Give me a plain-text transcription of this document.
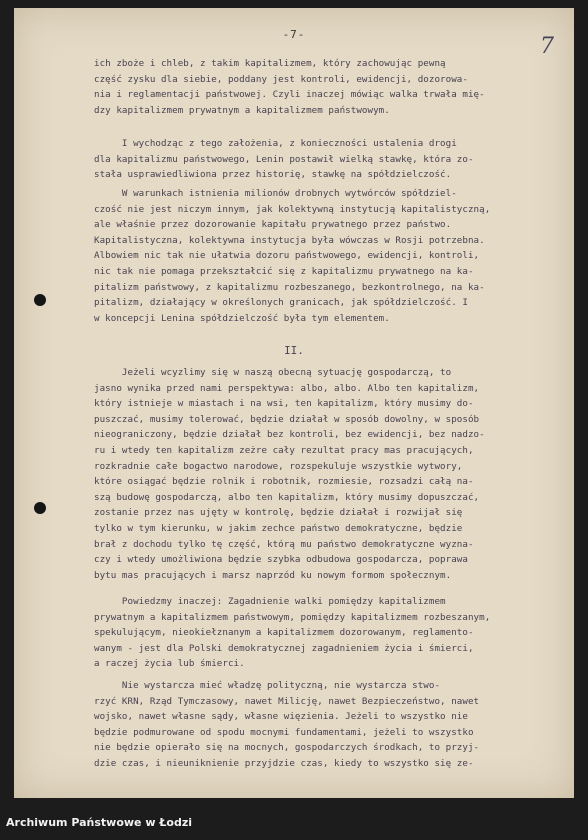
-7-	7
ich zboże i chleb, z takim kapitalizmem, który zachowując pewną
część zysku dla siebie, poddany jest kontroli, ewidencji, dozorowa-
nia i reglamentacji państwowej. Czyli inaczej mówiąc walka trwała mię-
dzy kapitalizmem prywatnym a kapitalizmem państwowym.
I wychodząc z tego założenia, z konieczności ustalenia drogi
dla kapitalizmu państwowego, Lenin postawił wielką stawkę, która zo-
stała usprawiedliwiona przez historię, stawkę na spółdzielczość.
W warunkach istnienia milionów drobnych wytwórców spółdziel-
czość nie jest niczym innym, jak kolektywną instytucją kapitalistyczną,
ale właśnie przez dozorowanie kapitału prywatnego przez państwo.
Kapitalistyczna, kolektywna instytucja była wówczas w Rosji potrzebna.
Albowiem nic tak nie ułatwia dozoru państwowego, ewidencji, kontroli,
nic tak nie pomaga przekształcić się z kapitalizmu prywatnego na ka-
pitalizm państwowy, z kapitalizmu rozbeszanego, bezkontrolnego, na ka-
pitalizm, działający w określonych granicach, jak spółdzielczość. I
w koncepcji Lenina spółdzielczość była tym elementem.
II.
Jeżeli wcyzlimy się w naszą obecną sytuację gospodarczą, to
jasno wynika przed nami perspektywa: albo, albo. Albo ten kapitalizm,
który istnieje w miastach i na wsi, ten kapitalizm, który musimy do-
puszczać, musimy tolerować, będzie działał w sposób dowolny, w sposób
nieograniczony, będzie działał bez kontroli, bez ewidencji, bez nadzo-
ru i wtedy ten kapitalizm zeżre cały rezultat pracy mas pracujących,
rozkradnie całe bogactwo narodowe, rozspekuluje wszystkie wytwory,
które osiągać będzie rolnik i robotnik, rozmiesie, rozsadzi całą na-
szą budowę gospodarczą, albo ten kapitalizm, który musimy dopuszczać,
zostanie przez nas ujęty w kontrolę, będzie działał i rozwijał się
tylko w tym kierunku, w jakim zechce państwo demokratyczne, będzie
brał z dochodu tylko tę część, którą mu państwo demokratyczne wyzna-
czy i wtedy umożliwiona będzie szybka odbudowa gospodarcza, poprawa
bytu mas pracujących i marsz naprzód ku nowym formom społecznym.
Powiedzmy inaczej: Zagadnienie walki pomiędzy kapitalizmem
prywatnym a kapitalizmem państwowym, pomiędzy kapitalizmem rozbeszanym,
spekulującym, nieokiełznanym a kapitalizmem dozorowanym, reglamento-
wanym - jest dla Polski demokratycznej zagadnieniem życia i śmierci,
a raczej życia lub śmierci.
Nie wystarcza mieć władzę polityczną, nie wystarcza stwo-
rzyć KRN, Rząd Tymczasowy, nawet Milicję, nawet Bezpieczeństwo, nawet
wojsko, nawet własne sądy, własne więzienia. Jeżeli to wszystko nie
będzie podmurowane od spodu mocnymi fundamentami, jeżeli to wszystko
nie będzie opierało się na mocnych, gospodarczych środkach, to przyj-
dzie czas, i nieuniknienie przyjdzie czas, kiedy to wszystko się ze-
Archiwum Państwowe w Łodzi
